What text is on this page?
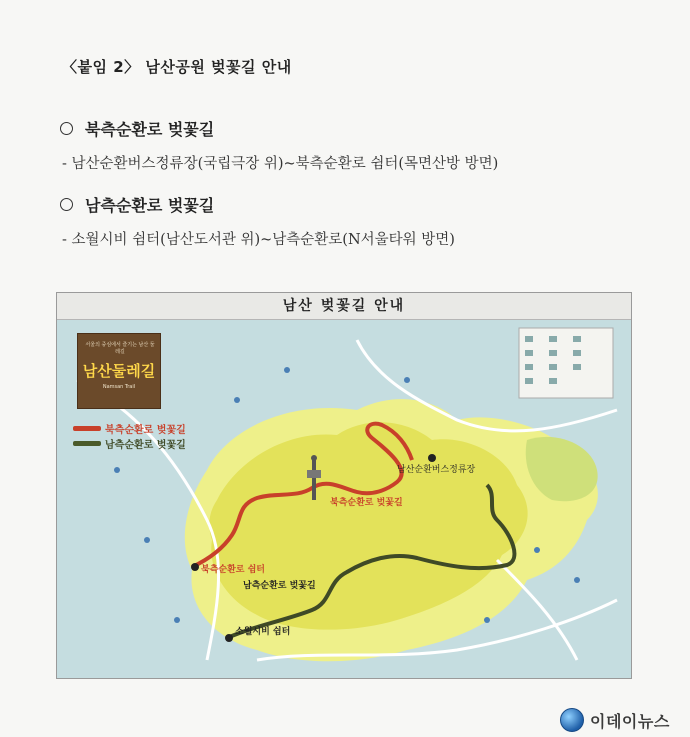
〈붙임 2〉 남산공원 벚꽃길 안내
북측순환로 벚꽃길
- 남산순환버스정류장(국립극장 위)~북측순환로 쉼터(목면산방 방면)
남측순환로 벚꽃길
- 소월시비 쉼터(남산도서관 위)~남측순환로(N서울타워 방면)
남산 벚꽃길 안내
남산순환버스정류장
북측순환로 벚꽃길
북측순환로 쉼터
남측순환로 벚꽃길
소월시비 쉼터
서울의 중심에서 즐기는 남산 둘레길
남산둘레길
Namsan Trail
북측순환로 벚꽃길
남측순환로 벚꽃길
이데이뉴스
